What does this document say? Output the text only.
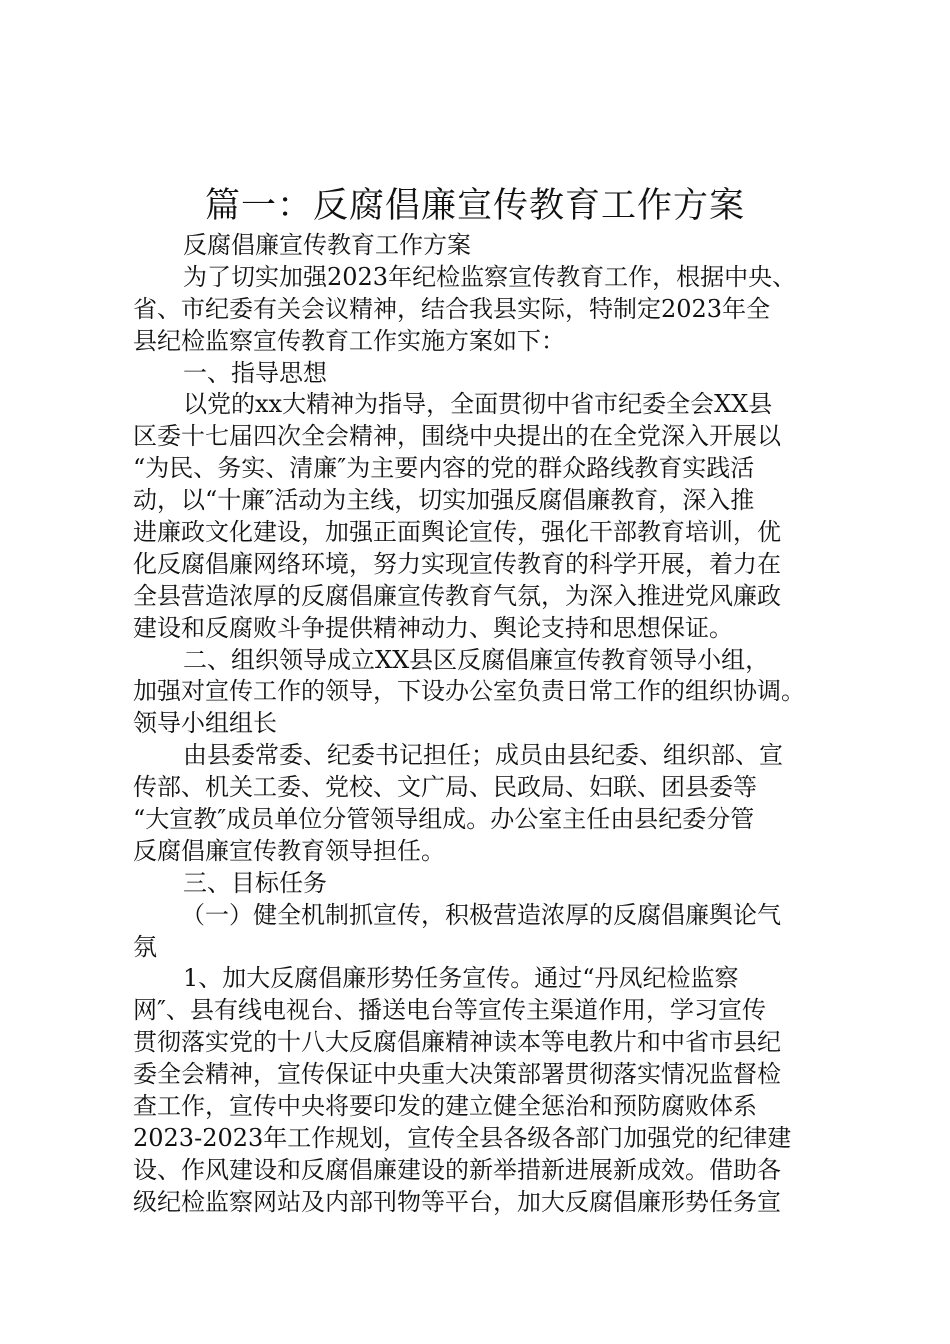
篇一：反腐倡廉宣传教育工作方案
反腐倡廉宣传教育工作方案
为了切实加强2023年纪检监察宣传教育工作，根据中央、
省、市纪委有关会议精神，结合我县实际，特制定2023年全
县纪检监察宣传教育工作实施方案如下：
一、指导思想
以党的xx大精神为指导，全面贯彻中省市纪委全会XX县
区委十七届四次全会精神，围绕中央提出的在全党深入开展以
“为民、务实、清廉″为主要内容的党的群众路线教育实践活
动，以“十廉″活动为主线，切实加强反腐倡廉教育，深入推
进廉政文化建设，加强正面舆论宣传，强化干部教育培训，优
化反腐倡廉网络环境，努力实现宣传教育的科学开展，着力在
全县营造浓厚的反腐倡廉宣传教育气氛，为深入推进党风廉政
建设和反腐败斗争提供精神动力、舆论支持和思想保证。
二、组织领导成立XX县区反腐倡廉宣传教育领导小组，
加强对宣传工作的领导，下设办公室负责日常工作的组织协调。
领导小组组长
由县委常委、纪委书记担任；成员由县纪委、组织部、宣
传部、机关工委、党校、文广局、民政局、妇联、团县委等
“大宣教″成员单位分管领导组成。办公室主任由县纪委分管
反腐倡廉宣传教育领导担任。
三、目标任务
（一）健全机制抓宣传，积极营造浓厚的反腐倡廉舆论气
氛
1、加大反腐倡廉形势任务宣传。通过“丹凤纪检监察
网″、县有线电视台、播送电台等宣传主渠道作用，学习宣传
贯彻落实党的十八大反腐倡廉精神读本等电教片和中省市县纪
委全会精神，宣传保证中央重大决策部署贯彻落实情况监督检
查工作，宣传中央将要印发的建立健全惩治和预防腐败体系
2023-2023年工作规划，宣传全县各级各部门加强党的纪律建
设、作风建设和反腐倡廉建设的新举措新进展新成效。借助各
级纪检监察网站及内部刊物等平台，加大反腐倡廉形势任务宣
